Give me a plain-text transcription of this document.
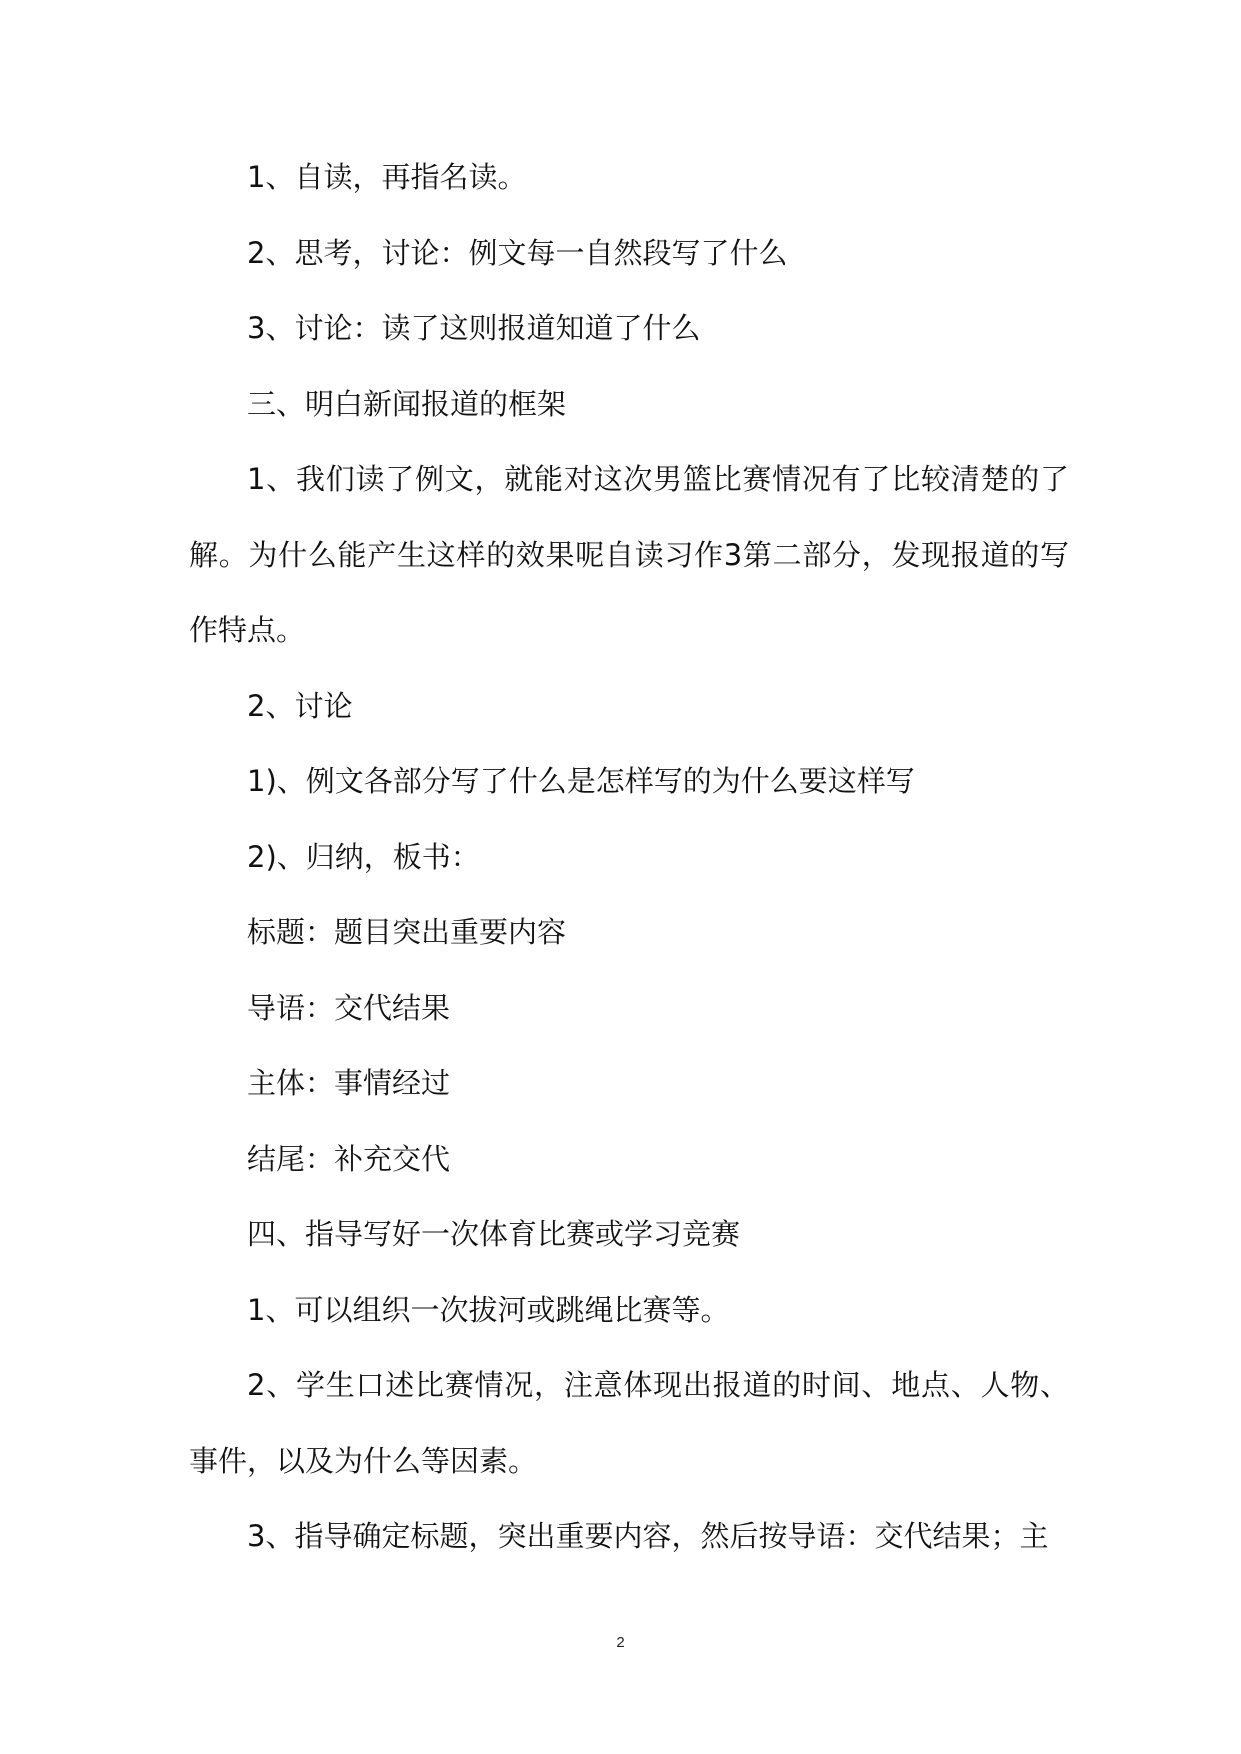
1、自读，再指名读。

2、思考，讨论：例文每一自然段写了什么

3、讨论：读了这则报道知道了什么

三、明白新闻报道的框架

1、我们读了例文，就能对这次男篮比赛情况有了比较清楚的了解。为什么能产生这样的效果呢自读习作3第二部分，发现报道的写作特点。

2、讨论

1)、例文各部分写了什么是怎样写的为什么要这样写

2)、归纳，板书：

标题：题目突出重要内容

导语：交代结果

主体：事情经过

结尾：补充交代

四、指导写好一次体育比赛或学习竞赛

1、可以组织一次拔河或跳绳比赛等。

2、学生口述比赛情况，注意体现出报道的时间、地点、人物、事件，以及为什么等因素。

3、指导确定标题，突出重要内容，然后按导语：交代结果；主

2
